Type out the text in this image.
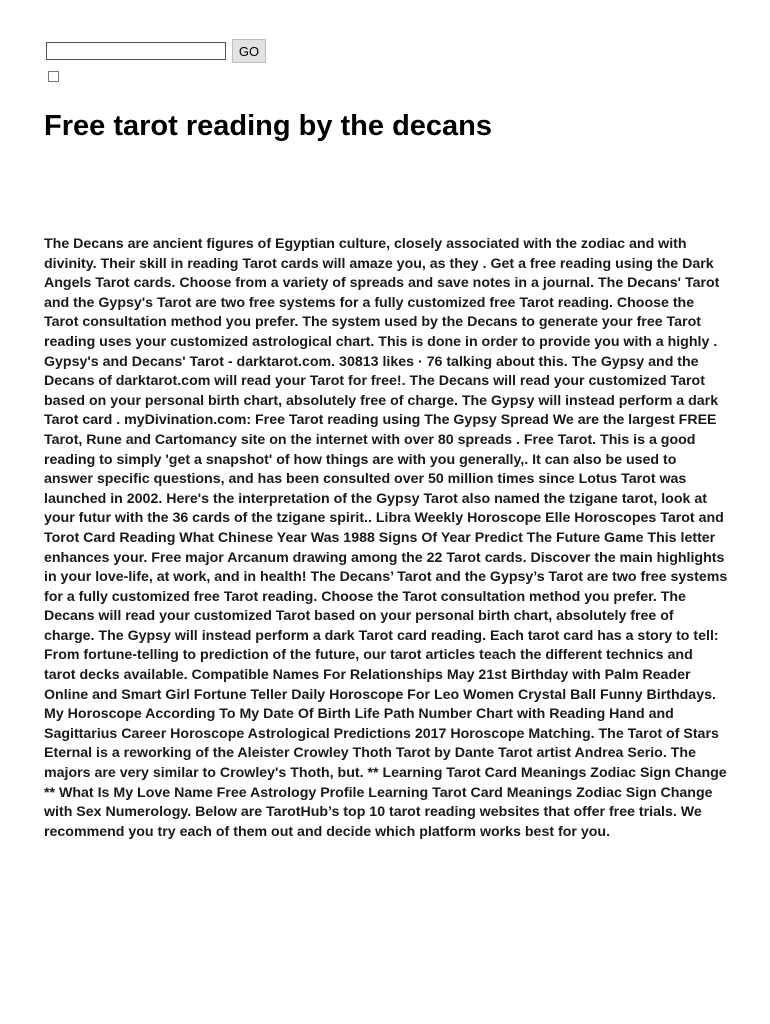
GO
Free tarot reading by the decans

The Decans are ancient figures of Egyptian culture, closely associated with the zodiac and with divinity. Their skill in reading Tarot cards will amaze you, as they . Get a free reading using the Dark Angels Tarot cards. Choose from a variety of spreads and save notes in a journal. The Decans' Tarot and the Gypsy's Tarot are two free systems for a fully customized free Tarot reading. Choose the Tarot consultation method you prefer. The system used by the Decans to generate your free Tarot reading uses your customized astrological chart. This is done in order to provide you with a highly . Gypsy's and Decans' Tarot - darktarot.com. 30813 likes · 76 talking about this. The Gypsy and the Decans of darktarot.com will read your Tarot for free!. The Decans will read your customized Tarot based on your personal birth chart, absolutely free of charge. The Gypsy will instead perform a dark Tarot card . myDivination.com: Free Tarot reading using The Gypsy Spread We are the largest FREE Tarot, Rune and Cartomancy site on the internet with over 80 spreads . Free Tarot. This is a good reading to simply 'get a snapshot' of how things are with you generally,. It can also be used to answer specific questions, and has been consulted over 50 million times since Lotus Tarot was launched in 2002. Here's the interpretation of the Gypsy Tarot also named the tzigane tarot, look at your futur with the 36 cards of the tzigane spirit.. Libra Weekly Horoscope Elle Horoscopes Tarot and Torot Card Reading What Chinese Year Was 1988 Signs Of Year Predict The Future Game This letter enhances your. Free major Arcanum drawing among the 22 Tarot cards. Discover the main highlights in your love-life, at work, and in health! The Decans’ Tarot and the Gypsy’s Tarot are two free systems for a fully customized free Tarot reading. Choose the Tarot consultation method you prefer. The Decans will read your customized Tarot based on your personal birth chart, absolutely free of charge. The Gypsy will instead perform a dark Tarot card reading. Each tarot card has a story to tell: From fortune-telling to prediction of the future, our tarot articles teach the different technics and tarot decks available. Compatible Names For Relationships May 21st Birthday with Palm Reader Online and Smart Girl Fortune Teller Daily Horoscope For Leo Women Crystal Ball Funny Birthdays. My Horoscope According To My Date Of Birth Life Path Number Chart with Reading Hand and Sagittarius Career Horoscope Astrological Predictions 2017 Horoscope Matching. The Tarot of Stars Eternal is a reworking of the Aleister Crowley Thoth Tarot by Dante Tarot artist Andrea Serio. The majors are very similar to Crowley's Thoth, but. ** Learning Tarot Card Meanings Zodiac Sign Change ** What Is My Love Name Free Astrology Profile Learning Tarot Card Meanings Zodiac Sign Change with Sex Numerology. Below are TarotHub’s top 10 tarot reading websites that offer free trials. We recommend you try each of them out and decide which platform works best for you.
